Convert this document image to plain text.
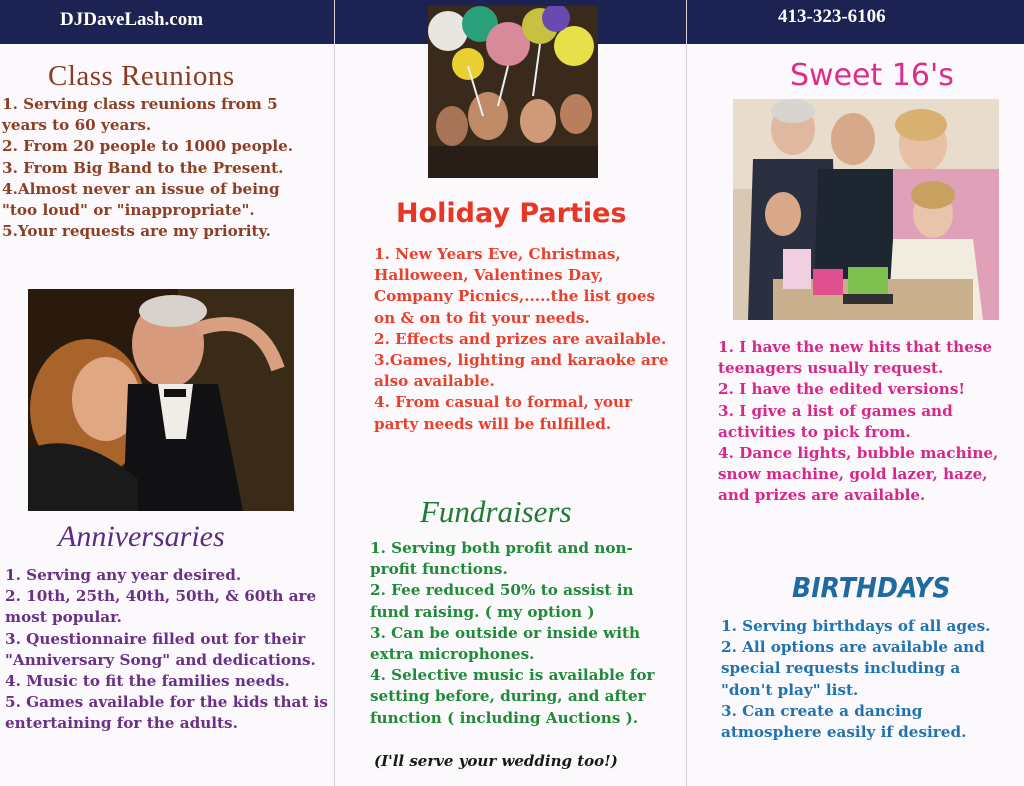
DJDaveLash.com	413-323-6106
Class Reunions
1. Serving class reunions from 5 years to 60 years.
2. From 20 people to 1000 people.
3. From Big Band to the Present.
4.Almost never an issue of being "too loud" or "inappropriate".
5.Your requests are my priority.
Anniversaries
1. Serving any year desired.
2. 10th, 25th, 40th, 50th, & 60th are most popular.
3. Questionnaire filled out for their "Anniversary Song" and dedications.
4. Music to fit the families needs.
5. Games available for the kids that is entertaining for the adults.
Holiday Parties
1. New Years Eve, Christmas, Halloween, Valentines Day, Company Picnics,.....the list goes on & on to fit your needs.
2. Effects and prizes are available.
3.Games, lighting and karaoke are also available.
4. From casual to formal, your party needs will be fulfilled.
Fundraisers
1. Serving both profit and non-profit functions.
2. Fee reduced 50% to assist in fund raising. ( my option )
3. Can be outside or inside with extra microphones.
4. Selective music is available for setting before, during, and after function ( including Auctions ).
(I'll serve your wedding too!)
Sweet 16's
1. I have the new hits that these teenagers usually request.
2. I have the edited versions!
3. I give a list of games and activities to pick from.
4. Dance lights, bubble machine, snow machine, gold lazer, haze, and prizes are available.
BIRTHDAYS
1. Serving birthdays of all ages.
2. All options are available and special requests including a "don't play" list.
3. Can create a dancing atmosphere easily if desired.
